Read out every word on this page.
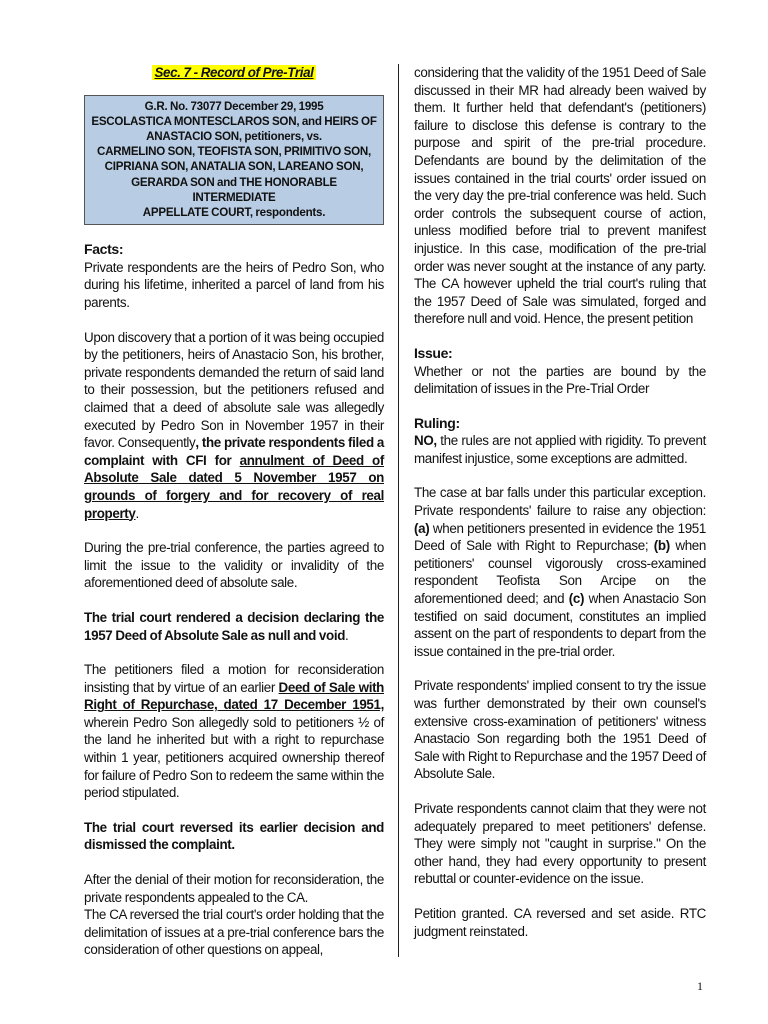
Sec. 7 - Record of Pre-Trial
G.R. No. 73077 December 29, 1995
ESCOLASTICA MONTESCLAROS SON, and HEIRS OF
ANASTACIO SON, petitioners, vs.
CARMELINO SON, TEOFISTA SON, PRIMITIVO SON,
CIPRIANA SON, ANATALIA SON, LAREANO SON,
GERARDA SON and THE HONORABLE INTERMEDIATE
APPELLATE COURT, respondents.
Facts:

Private respondents are the heirs of Pedro Son, who during his lifetime, inherited a parcel of land from his parents.

Upon discovery that a portion of it was being occupied by the petitioners, heirs of Anastacio Son, his brother, private respondents demanded the return of said land to their possession, but the petitioners refused and claimed that a deed of absolute sale was allegedly executed by Pedro Son in November 1957 in their favor. Consequently, the private respondents filed a complaint with CFI for annulment of Deed of Absolute Sale dated 5 November 1957 on grounds of forgery and for recovery of real property.

During the pre-trial conference, the parties agreed to limit the issue to the validity or invalidity of the aforementioned deed of absolute sale.

The trial court rendered a decision declaring the 1957 Deed of Absolute Sale as null and void.

The petitioners filed a motion for reconsideration insisting that by virtue of an earlier Deed of Sale with Right of Repurchase, dated 17 December 1951, wherein Pedro Son allegedly sold to petitioners ½ of the land he inherited but with a right to repurchase within 1 year, petitioners acquired ownership thereof for failure of Pedro Son to redeem the same within the period stipulated.

The trial court reversed its earlier decision and dismissed the complaint.

After the denial of their motion for reconsideration, the private respondents appealed to the CA.

The CA reversed the trial court's order holding that the delimitation of issues at a pre-trial conference bars the consideration of other questions on appeal,

considering that the validity of the 1951 Deed of Sale discussed in their MR had already been waived by them. It further held that defendant's (petitioners) failure to disclose this defense is contrary to the purpose and spirit of the pre-trial procedure. Defendants are bound by the delimitation of the issues contained in the trial courts' order issued on the very day the pre-trial conference was held. Such order controls the subsequent course of action, unless modified before trial to prevent manifest injustice. In this case, modification of the pre-trial order was never sought at the instance of any party. The CA however upheld the trial court's ruling that the 1957 Deed of Sale was simulated, forged and therefore null and void. Hence, the present petition

Issue:

Whether or not the parties are bound by the delimitation of issues in the Pre-Trial Order

Ruling:

NO, the rules are not applied with rigidity. To prevent manifest injustice, some exceptions are admitted.

The case at bar falls under this particular exception. Private respondents' failure to raise any objection: (a) when petitioners presented in evidence the 1951 Deed of Sale with Right to Repurchase; (b) when petitioners' counsel vigorously cross-examined respondent Teofista Son Arcipe on the aforementioned deed; and (c) when Anastacio Son testified on said document, constitutes an implied assent on the part of respondents to depart from the issue contained in the pre-trial order.

Private respondents' implied consent to try the issue was further demonstrated by their own counsel's extensive cross-examination of petitioners' witness Anastacio Son regarding both the 1951 Deed of Sale with Right to Repurchase and the 1957 Deed of Absolute Sale.

Private respondents cannot claim that they were not adequately prepared to meet petitioners' defense. They were simply not "caught in surprise." On the other hand, they had every opportunity to present rebuttal or counter-evidence on the issue.

Petition granted. CA reversed and set aside. RTC judgment reinstated.

1
